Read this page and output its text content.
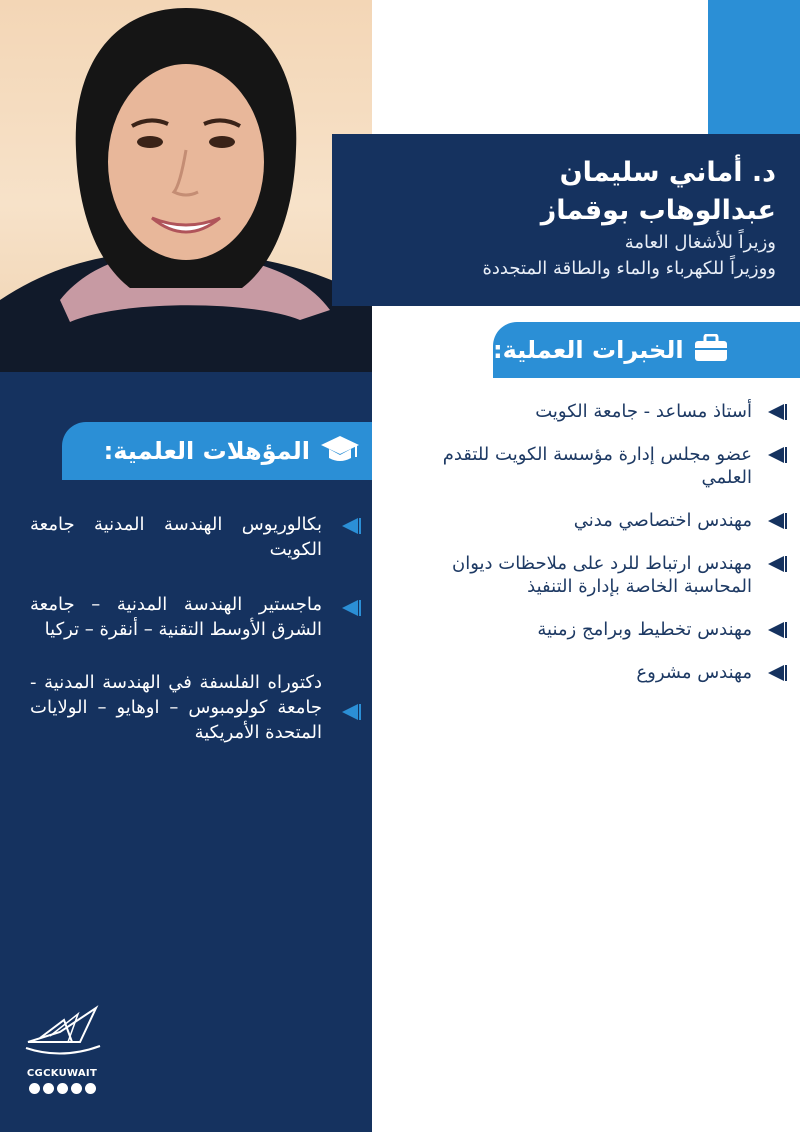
د. أماني سليمان
عبدالوهاب بوقماز
وزيراً للأشغال العامة
ووزيراً للكهرباء والماء والطاقة المتجددة
الخبرات العملية:
أستاذ مساعد - جامعة الكويت
عضو مجلس إدارة مؤسسة الكويت للتقدم العلمي
مهندس اختصاصي مدني
مهندس ارتباط للرد على ملاحظات ديوان المحاسبة الخاصة بإدارة التنفيذ
مهندس تخطيط وبرامج زمنية
مهندس مشروع
المؤهلات العلمية:
CGCKUWAIT
بكالوريوس الهندسة المدنية جامعة الكويت
ماجستير الهندسة المدنية – جامعة الشرق الأوسط التقنية – أنقرة – تركيا
دكتوراه الفلسفة في الهندسة المدنية - جامعة كولومبوس – اوهايو – الولايات المتحدة الأمريكية
